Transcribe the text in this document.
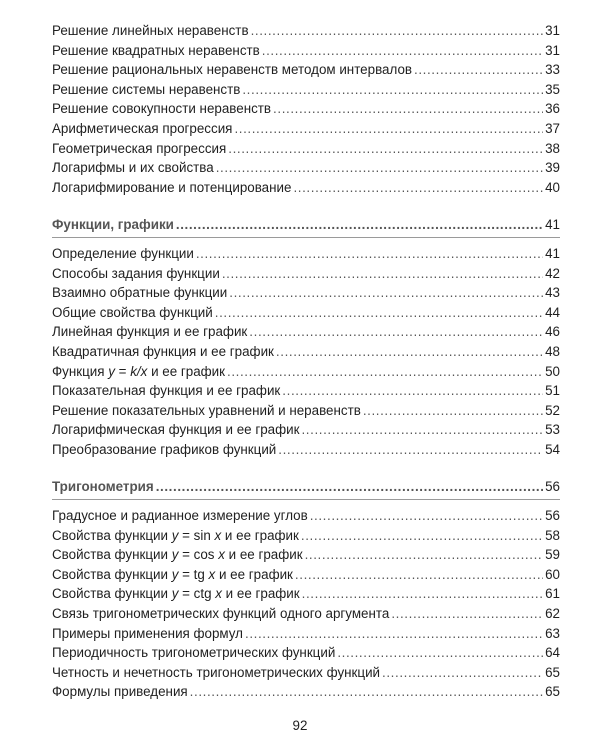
Решение линейных неравенств .....	31
Решение квадратных неравенств .....	31
Решение рациональных неравенств методом интервалов .....	33
Решение системы неравенств .....	35
Решение совокупности неравенств .....	36
Арифметическая прогрессия .....	37
Геометрическая прогрессия .....	38
Логарифмы и их свойства .....	39
Логарифмирование и потенцирование .....	40
Функции, графики .....	41
Определение функции .....	41
Способы задания функции .....	42
Взаимно обратные функции .....	43
Общие свойства функций .....	44
Линейная функция и ее график .....	46
Квадратичная функция и ее график .....	48
Функция y = k/x и ее график .....	50
Показательная функция и ее график .....	51
Решение показательных уравнений и неравенств .....	52
Логарифмическая функция и ее график .....	53
Преобразование графиков функций .....	54
Тригонометрия .....	56
Градусное и радианное измерение углов .....	56
Свойства функции y = sin x и ее график .....	58
Свойства функции y = cos x и ее график .....	59
Свойства функции y = tg x и ее график .....	60
Свойства функции y = ctg x и ее график .....	61
Связь тригонометрических функций одного аргумента .....	62
Примеры применения формул .....	63
Периодичность тригонометрических функций .....	64
Четность и нечетность тригонометрических функций .....	65
Формулы приведения .....	65
92
